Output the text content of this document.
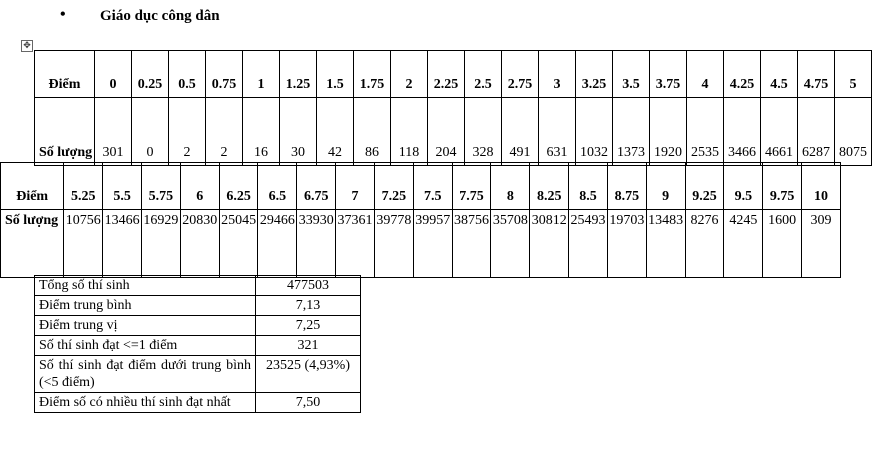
• Giáo dục công dân
✥
Điểm	0	0.25	0.5	0.75	1	1.25	1.5	1.75	2	2.25	2.5	2.75	3	3.25	3.5	3.75	4	4.25	4.5	4.75	5

Số lượng	301	0	2	2	16	30	42	86	118	204	328	491	631	1032	1373	1920	2535	3466	4661	6287	8075
Điểm	5.25	5.5	5.75	6	6.25	6.5	6.75	7	7.25	7.5	7.75	8	8.25	8.5	8.75	9	9.25	9.5	9.75	10

Số lượng	10756	13466	16929	20830	25045	29466	33930	37361	39778	39957	38756	35708	30812	25493	19703	13483	8276	4245	1600	309
Tổng số thí sinh	477503
Điểm trung bình	7,13
Điểm trung vị	7,25
Số thí sinh đạt <=1 điểm	321
Số thí sinh đạt điểm dưới trung bình (<5 điểm)	23525 (4,93%)
Điểm số có nhiều thí sinh đạt nhất	7,50
